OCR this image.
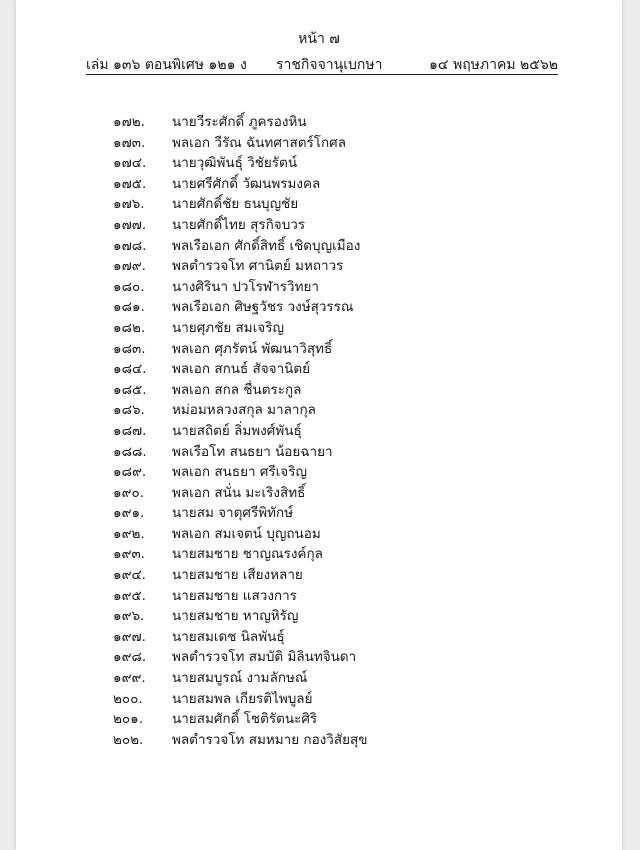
หน้า ๗
เล่ม ๑๓๖ ตอนพิเศษ ๑๒๑ ง ราชกิจจานุเบกษา	๑๔ พฤษภาคม ๒๕๖๒
๑๗๒. นายวีระศักดิ์ ภูครองหิน
๑๗๓. พลเอก วีรัณ ฉันทศาสตร์โกศล
๑๗๔. นายวุฒิพันธุ์ วิชัยรัตน์
๑๗๕. นายศรีศักดิ์ วัฒนพรมงคล
๑๗๖. นายศักดิ์ชัย ธนบุญชัย
๑๗๗. นายศักดิ์ไทย สุรกิจบวร
๑๗๘. พลเรือเอก ศักดิ์สิทธิ์ เชิดบุญเมือง
๑๗๙. พลตำรวจโท ศานิตย์ มหถาวร
๑๘๐. นางศิรินา ปวโรฬารวิทยา
๑๘๑. พลเรือเอก ศิษฐวัชร วงษ์สุวรรณ
๑๘๒. นายศุภชัย สมเจริญ
๑๘๓. พลเอก ศุภรัตน์ พัฒนาวิสุทธิ์
๑๘๔. พลเอก สกนธ์ สัจจานิตย์
๑๘๕. พลเอก สกล ชื่นตระกูล
๑๘๖. หม่อมหลวงสกุล มาลากุล
๑๘๗. นายสถิตย์ ลิ่มพงศ์พันธุ์
๑๘๘. พลเรือโท สนธยา น้อยฉายา
๑๘๙. พลเอก สนธยา ศรีเจริญ
๑๙๐. พลเอก สนั่น มะเริงสิทธิ์
๑๙๑. นายสม จาตุศรีพิทักษ์
๑๙๒. พลเอก สมเจตน์ บุญถนอม
๑๙๓. นายสมชาย ชาญณรงค์กุล
๑๙๔. นายสมชาย เสียงหลาย
๑๙๕. นายสมชาย แสวงการ
๑๙๖. นายสมชาย หาญหิรัญ
๑๙๗. นายสมเดช นิลพันธุ์
๑๙๘. พลตำรวจโท สมบัติ มิลินทจินดา
๑๙๙. นายสมบูรณ์ งามลักษณ์
๒๐๐. นายสมพล เกียรติไพบูลย์
๒๐๑. นายสมศักดิ์ โชติรัตนะศิริ
๒๐๒. พลตำรวจโท สมหมาย กองวิสัยสุข
